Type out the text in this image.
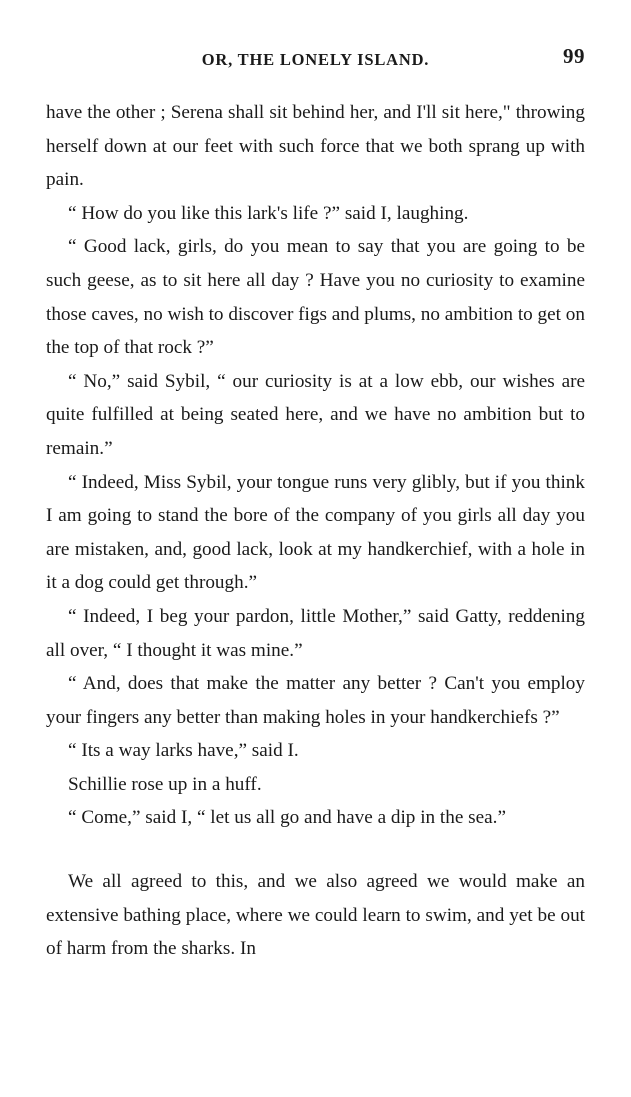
OR, THE LONELY ISLAND.	99

have the other ; Serena shall sit behind her, and I'll sit here," throwing herself down at our feet with such force that we both sprang up with pain.

“ How do you like this lark's life ?” said I, laughing.

“ Good lack, girls, do you mean to say that you are going to be such geese, as to sit here all day ? Have you no curiosity to examine those caves, no wish to discover figs and plums, no ambition to get on the top of that rock ?”

“ No,” said Sybil, “ our curiosity is at a low ebb, our wishes are quite fulfilled at being seated here, and we have no ambition but to remain.”

“ Indeed, Miss Sybil, your tongue runs very glibly, but if you think I am going to stand the bore of the company of you girls all day you are mistaken, and, good lack, look at my handkerchief, with a hole in it a dog could get through.”

“ Indeed, I beg your pardon, little Mother,” said Gatty, reddening all over, “ I thought it was mine.”

“ And, does that make the matter any better ? Can't you employ your fingers any better than making holes in your handkerchiefs ?”

“ Its a way larks have,” said I.

Schillie rose up in a huff.

“ Come,” said I, “ let us all go and have a dip in the sea.”

We all agreed to this, and we also agreed we would make an extensive bathing place, where we could learn to swim, and yet be out of harm from the sharks. In
